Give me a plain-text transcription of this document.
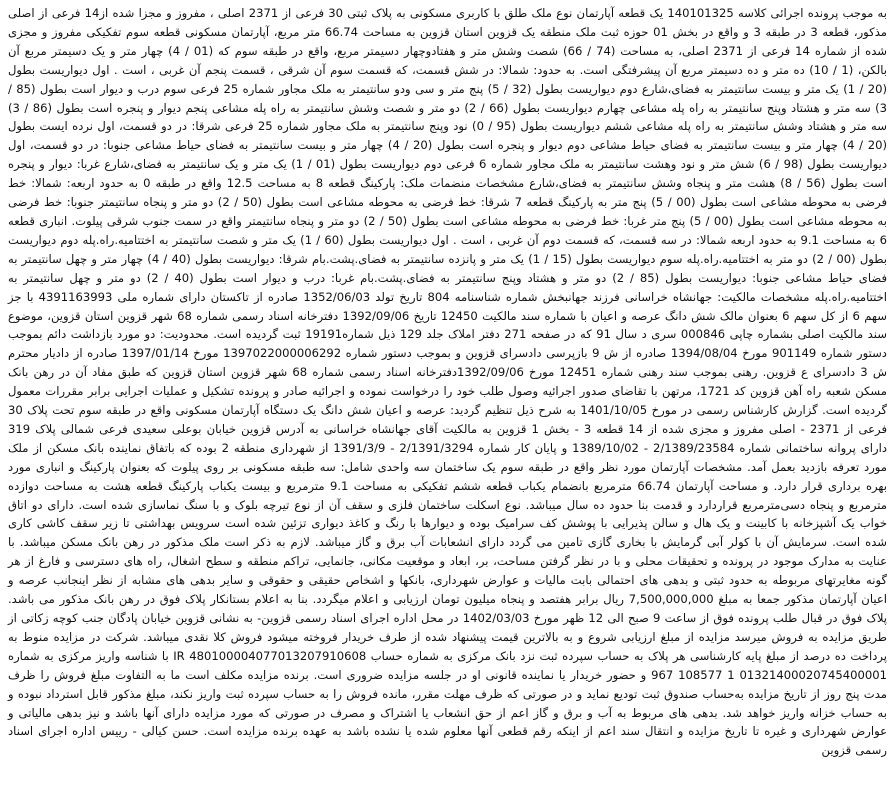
به موجب پرونده اجرائی کلاسه 140101325 یک قطعه آپارتمان نوع ملک طلق با کاربری مسکونی به پلاک ثبتی 30 فرعی از 2371 اصلی ، مفروز و مجزا شده از14 فرعی از اصلی مذکور، قطعه 3 در طبقه 3 و واقع در بخش 01 حوزه ثبت ملک منطقه یک قزوین استان قزوین به مساحت 66.74 متر مربع، آپارتمان مسکونی قطعه سوم تفکیکی مفروز و مجزی شده از شماره 14 فرعی از 2371 اصلی، به مساحت (74 / 66) شصت وشش متر و هفتادوچهار دسیمتر مربع، واقع در طبقه سوم که (01 / 4) چهار متر و یک دسیمتر مربع آن بالکن، (1 / 10) ده متر و ده دسیمتر مربع آن پیشرفتگی است. به حدود: شمالا: در شش قسمت، که قسمت سوم آن شرقی ، قسمت پنجم آن غربی ، است . اول دیواریست بطول (20 / 1) یک متر و بیست سانتیمتر به فضای،شارع دوم دیواریست بطول (32 / 5) پنج متر و سی ودو سانتیمتر به ملک مجاور شماره 25 فرعی سوم درب و دیوار است بطول (85 / 3) سه متر و هشتاد وپنج سانتیمتر به راه پله مشاعی چهارم دیواریست بطول (66 / 2) دو متر و شصت وشش سانتیمتر به راه پله مشاعی پنجم دیوار و پنجره است بطول (86 / 3) سه متر و هشتاد وشش سانتیمتر به راه پله مشاعی ششم دیواریست بطول (95 / 0) نود وپنج سانتیمتر به ملک مجاور شماره 25 فرعی شرقا: در دو قسمت، اول نرده ایست بطول (20 / 4) چهار متر و بیست سانتیمتر به فضای حیاط مشاعی دوم دیوار و پنجره است بطول (20 / 4) چهار متر و بیست سانتیمتر به فضای حیاط مشاعی جنوبا: در دو قسمت، اول دیواریست بطول (98 / 6) شش متر و نود وهشت سانتیمتر به ملک مجاور شماره 6 فرعی دوم دیواریست بطول (01 / 1) یک متر و یک سانتیمتر به فضای،شارع غربا: دیوار و پنجره است بطول (56 / 8) هشت متر و پنجاه وشش سانتیمتر به فضای،شارع مشخصات منضمات ملک: پارکینگ قطعه 8 به مساحت 12.5 واقع در طبقه 0 به حدود اربعه: شمالا: خط فرضی به محوطه مشاعی است بطول (00 / 5) پنج متر به پارکینگ قطعه 7 شرقا: خط فرضی به محوطه مشاعی است بطول (50 / 2) دو متر و پنجاه سانتیمتر جنوبا: خط فرضی به محوطه مشاعی است بطول (00 / 5) پنج متر غربا: خط فرضی به محوطه مشاعی است بطول (50 / 2) دو متر و پنجاه سانتیمتر واقع در سمت جنوب شرقی پیلوت. انباری قطعه 6 به مساحت 9.1 به حدود اربعه شمالا: در سه قسمت، که قسمت دوم آن غربی ، است . اول دیواریست بطول (60 / 1) یک متر و شصت سانتیمتر به اختتامیه.راه.پله دوم دیواریست بطول (00 / 2) دو متر به اختتامیه.راه.پله سوم دیواریست بطول (15 / 1) یک متر و پانزده سانتیمتر به فضای.پشت.بام شرقا: دیواریست بطول (40 / 4) چهار متر و چهل سانتیمتر به فضای حیاط مشاعی جنوبا: دیواریست بطول (85 / 2) دو متر و هشتاد وپنج سانتیمتر به فضای.پشت.بام غربا: درب و دیوار است بطول (40 / 2) دو متر و چهل سانتیمتر به اختتامیه.راه.پله مشخصات مالکیت: جهانشاه خراسانی فرزند جهانبخش شماره شناسنامه 804 تاریخ تولد 1352/06/03 صادره از تاکستان دارای شماره ملی 4391163993 با جز سهم 6 از کل سهم 6 بعنوان مالک شش دانگ عرصه و اعیان با شماره سند مالکیت 12450 تاریخ 1392/09/06 دفترخانه اسناد رسمی شماره 68 شهر قزوین استان قزوین، موضوع سند مالکیت اصلی بشماره چاپی 000846 سری د سال 91 که در صفحه 271 دفتر املاک جلد 129 ذیل شماره19191 ثبت گردیده است. محدودیت: دو مورد بازداشت دائم بموجب دستور شماره 901149 مورخ 1394/08/04 صادره از ش 9 بازپرسی دادسرای قزوین و بموجب دستور شماره 1397022000006292 مورخ 1397/01/14 صادره از دادیار محترم ش 3 دادسرای ع قزوین. رهنی بموجب سند رهنی شماره 12451 مورخ 1392/09/06دفترخانه اسناد رسمی شماره 68 شهر قزوین استان قزوین که طبق مفاد آن در رهن بانک مسکن شعبه راه آهن قزوین کد 1721، مرتهن با تقاضای صدور اجرائیه وصول طلب خود را درخواست نموده و اجرائیه صادر و پرونده تشکیل و عملیات اجرایی برابر مقررات معمول گردیده است. گزارش کارشناس رسمی در مورخ 1401/10/05 به شرح ذیل تنظیم گردید: عرصه و اعیان شش دانگ یک دستگاه آپارتمان مسکونی واقع در طبقه سوم تحت پلاک 30 فرعی از 2371 - اصلی مفروز و مجزی شده از 14 قطعه 3 - بخش 1 قزوین به مالکیت آقای جهانشاه خراسانی به آدرس قزوین خیابان بوعلی سعیدی فرعی شمالی پلاک 319 دارای پروانه ساختمانی شماره 2/1389/23584 - 1389/10/02 و پایان کار شماره 2/1391/3294 - 1391/3/9 از شهرداری منطقه 2 بوده که باتفاق نماینده بانک مسکن از ملک مورد تعرفه بازدید بعمل آمد. مشخصات آپارتمان مورد نظر واقع در طبقه سوم یک ساختمان سه واحدی شامل: سه طبقه مسکونی بر روی پیلوت که بعنوان پارکینگ و انباری مورد بهره برداری قرار دارد. و مساحت آپارتمان 66.74 مترمربع بانضمام یکباب قطعه ششم تفکیکی به مساحت 9.1 مترمربع و بیست یکباب پارکینگ قطعه هشت به مساحت دوازده مترمربع و پنجاه دسی‌مترمربع قراردارد و قدمت بنا حدود ده سال میباشد. نوع اسکلت ساختمان فلزی و سقف آن از نوع تیرچه بلوک و با سنگ نماسازی شده است. دارای دو اتاق خواب یک آشپزخانه با کابینت و یک هال و سالن پذیرایی با پوشش کف سرامیک بوده و دیوارها با رنگ و کاغذ دیواری تزئین شده است سرویس بهداشتی تا زیر سقف کاشی کاری شده است. سرمایش آن با کولر آبی گرمایش با بخاری گازی تامین می گردد دارای انشعابات آب برق و گاز میباشد. لازم به ذکر است ملک مذکور در رهن بانک مسکن میباشد. با عنایت به مدارک موجود در پرونده و تحقیقات محلی و با در نظر گرفتن مساحت، بر، ابعاد و موقعیت مکانی، جانمایی، تراکم منطقه و سطح اشغال، راه های دسترسی و فارغ از هر گونه مغایرتهای مربوطه به حدود ثبتی و بدهی های احتمالی بابت مالیات و عوارض شهرداری، بانکها و اشخاص حقیقی و حقوقی و سایر بدهی های مشابه از نظر اینجانب عرصه و اعیان آپارتمان مذکور جمعا به مبلغ 7,500,000,000 ریال برابر هفتصد و پنجاه میلیون تومان ارزیابی و اعلام میگردد. بنا به اعلام بستانکار پلاک فوق در رهن بانک مذکور می باشد. پلاک فوق در قبال طلب پرونده فوق از ساعت 9 صبح الی 12 ظهر مورخ 1402/03/03 در محل اداره اجرای اسناد رسمی قزوین- به نشانی قزوین خیابان پادگان جنب کوچه زکاتی از طریق مزایده به فروش میرسد مزایده از مبلغ ارزیابی شروع و به بالاترین قیمت پیشنهاد شده از طرف خریدار فروخته میشود فروش کلا نقدی میباشد. شرکت در مزایده منوط به پرداخت ده درصد از مبلغ پایه کارشناسی هر پلاک به حساب سپرده ثبت نزد بانک مرکزی به شماره حساب 4801000040770132079106​08 IR با شناسه واریز مرکزی به شماره 013214000207454000​01 1 108577 967 و حضور خریدار یا نماینده قانونی او در جلسه مزایده ضروری است. برنده مزایده مکلف است ما به التفاوت مبلغ فروش را ظرف مدت پنج روز از تاریخ مزایده به‌حساب صندوق ثبت تودیع نماید و در صورتی که ظرف مهلت مقرر، مانده فروش را به حساب سپرده ثبت واریز نکند، مبلغ مذکور قابل استرداد نبوده و به حساب خزانه واریز خواهد شد. بدهی های مربوط به آب و برق و گاز اعم از حق انشعاب یا اشتراک و مصرف در صورتی که مورد مزایده دارای آنها باشد و نیز بدهی مالیاتی و عوارض شهرداری و غیره تا تاریخ مزایده و انتقال سند اعم از اینکه رقم قطعی آنها معلوم شده یا نشده باشد به عهده برنده مزایده است. حسن کیالی - رییس اداره اجرای اسناد رسمی قزوین
